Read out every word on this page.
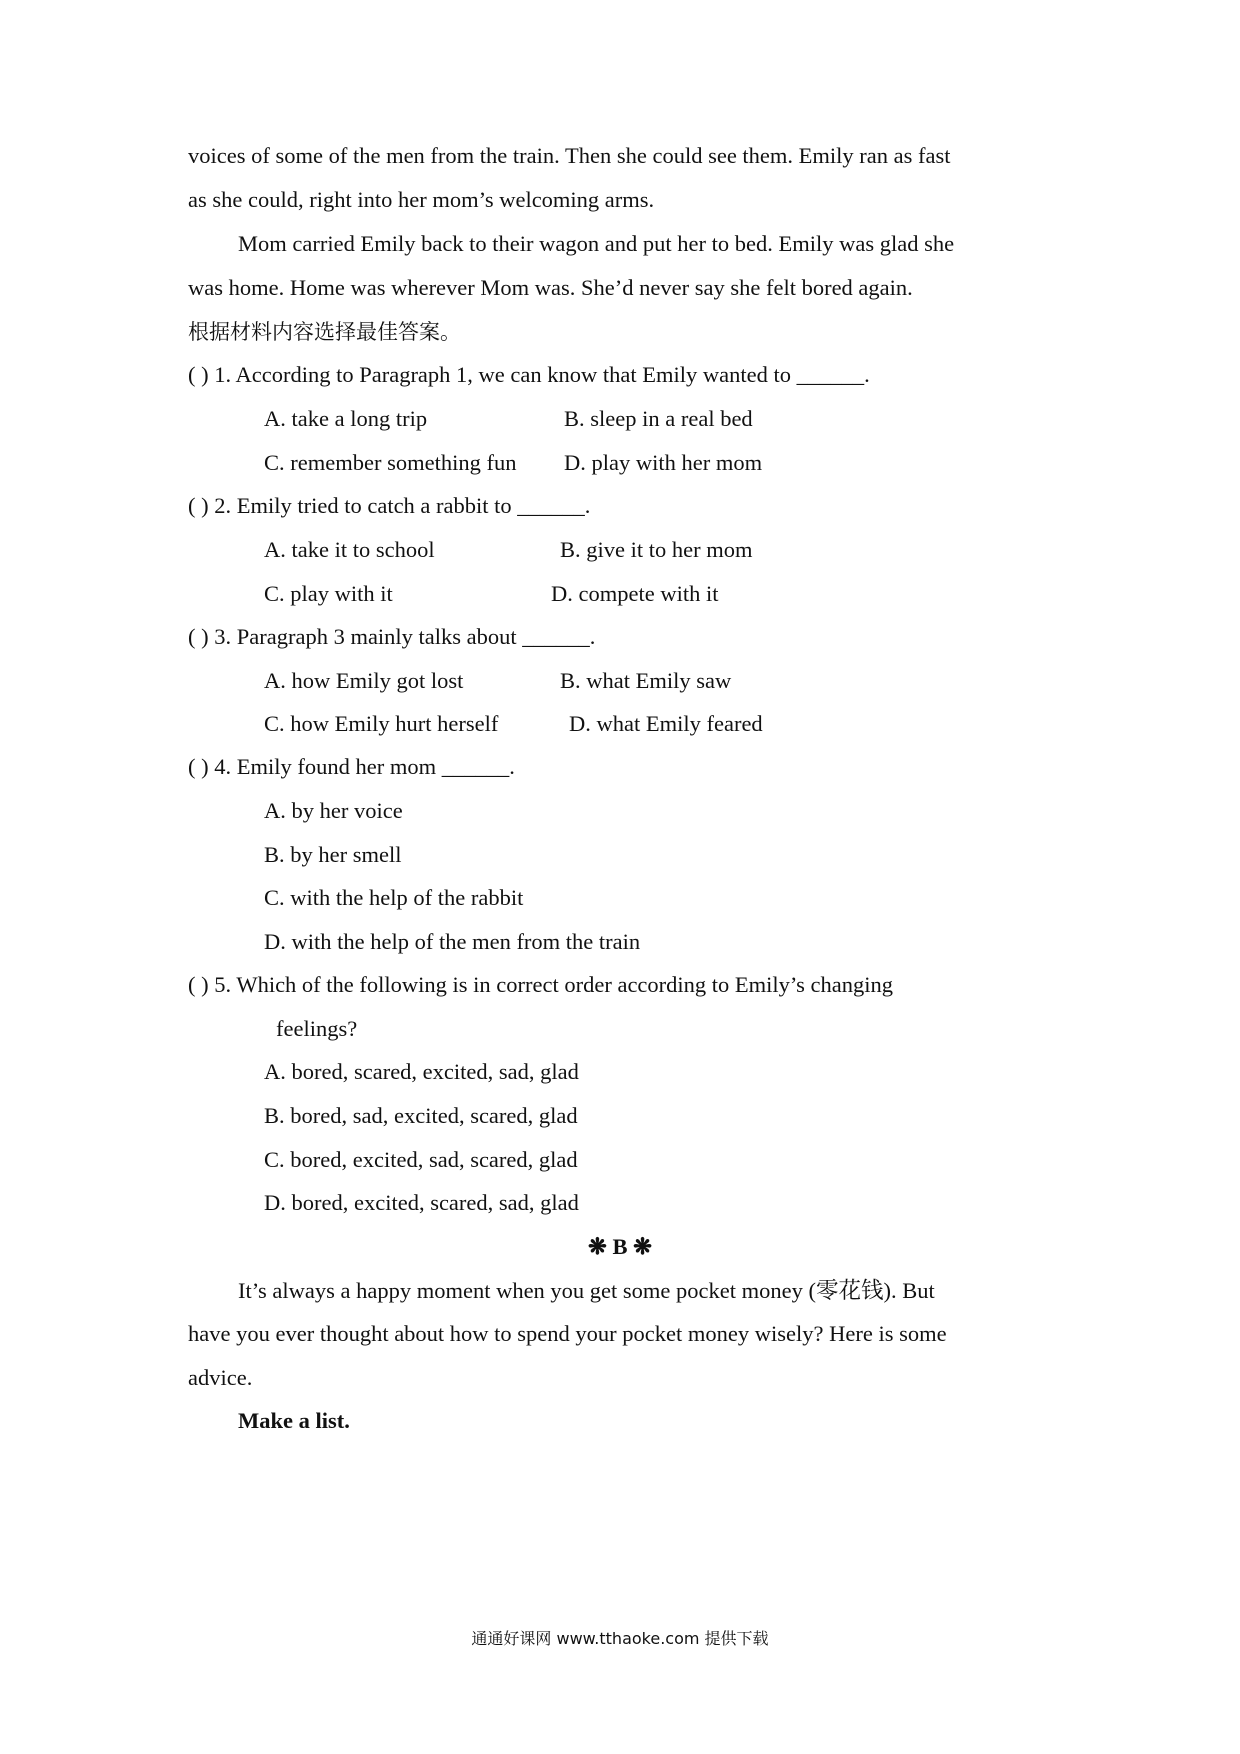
voices of some of the men from the train. Then she could see them. Emily ran as fast
as she could, right into her mom’s welcoming arms.
Mom carried Emily back to their wagon and put her to bed. Emily was glad she
was home. Home was wherever Mom was. She’d never say she felt bored again.
根据材料内容选择最佳答案。
( ) 1. According to Paragraph 1, we can know that Emily wanted to ______.
A. take a long trip	B. sleep in a real bed
C. remember something fun D. play with her mom
( ) 2. Emily tried to catch a rabbit to ______.
A. take it to school	B. give it to her mom
C. play with it	D. compete with it
( ) 3. Paragraph 3 mainly talks about ______.
A. how Emily got lost	B. what Emily saw
C. how Emily hurt herself	D. what Emily feared
( ) 4. Emily found her mom ______.
A. by her voice
B. by her smell
C. with the help of the rabbit
D. with the help of the men from the train
( ) 5. Which of the following is in correct order according to Emily’s changing
feelings?
A. bored, scared, excited, sad, glad
B. bored, sad, excited, scared, glad
C. bored, excited, sad, scared, glad
D. bored, excited, scared, sad, glad
❋ B ❋
It’s always a happy moment when you get some pocket money (零花钱). But
have you ever thought about how to spend your pocket money wisely? Here is some
advice.
Make a list.
通通好课网 www.tthaoke.com 提供下载
